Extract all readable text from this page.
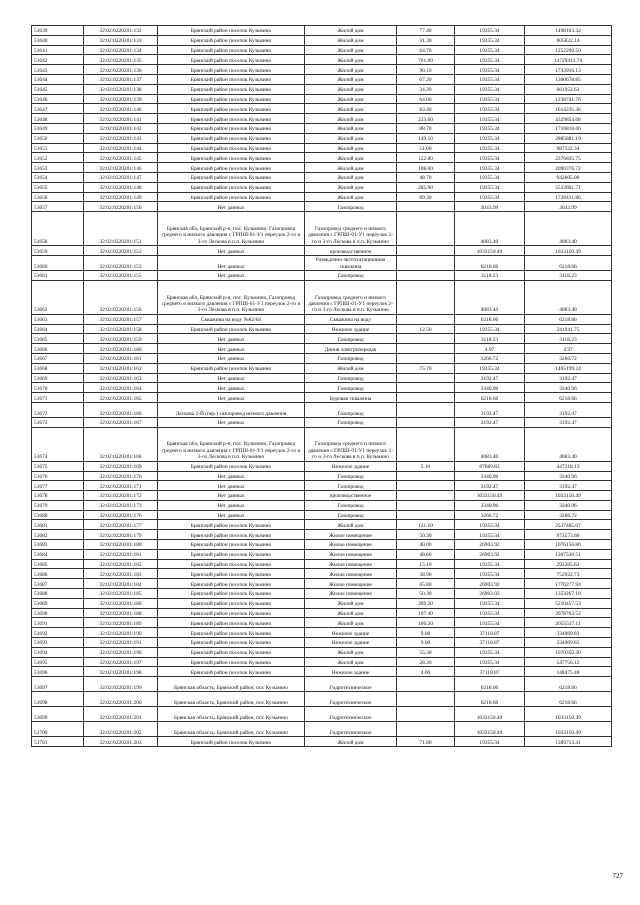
51639	32:02:0220201:132	Брянский район поселок Кузьмино	Жилой дом	77.40	19355.34	1498103.32
51640	32:02:0220201:133	Брянский район поселок Кузьмино	Жилой дом	31.30	19355.34	605822.14
51641	32:02:0220201:134	Брянский район поселок Кузьмино	Жилой дом	64.70	19355.34	1252290.50
51642	32:02:0220201:135	Брянский район поселок Кузьмино	Жилой дом	761.00	19355.34	14729413.74
51643	32:02:0220201:136	Брянский район поселок Кузьмино	Жилой дом	90.10	19355.34	1743916.13
51644	32:02:0220201:137	Брянский район поселок Кузьмино	Жилой дом	67.20	19355.34	1300678.85
51645	32:02:0220201:138	Брянский район поселок Кузьмино	Жилой дом	34.20	19355.34	661952.63
51646	32:02:0220201:139	Брянский район поселок Кузьмино	Жилой дом	64.00	19355.34	1238741.76
51647	32:02:0220201:140	Брянский район поселок Кузьмино	Жилой дом	83.40	19355.34	1614235.36
51648	32:02:0220201:141	Брянский район поселок Кузьмино	Жилой дом	223.60	19355.34	4329854.68
51649	32:02:0220201:142	Брянский район поселок Кузьмино	Жилой дом	88.70	19355.34	1716818.66
51650	32:02:0220201:143	Брянский район поселок Кузьмино	Жилой дом	149.10	19355.34	2885881.19
51651	32:02:0220201:144	Брянский район поселок Кузьмино	Жилой дом	51.00	19355.34	987122.34
51652	32:02:0220201:145	Брянский район поселок Кузьмино	Жилой дом	122.80	19355.34	2376835.75
51653	32:02:0220201:146	Брянский район поселок Кузьмино	Жилой дом	108.00	19355.34	2090376.72
51654	32:02:0220201:147	Брянский район поселок Кузьмино	Жилой дом	48.70	19355.34	942605.06
51655	32:02:0220201:148	Брянский район поселок Кузьмино	Жилой дом	285.90	19355.34	5533691.71
51656	32:02:0220201:149	Брянский район поселок Кузьмино	Жилой дом	89.30	19355.34	1728431.86
51657	32:02:0220201:150	Нет данных	Газопровод		3043.99	3043.99
51658	32:02:0220201:151	Брянская обл, Брянский р-н, пос. Кузьмино, Газопровод среднего и низкого давления с ГРПШ-01-У1 переулок 2-го и 3-го Лескова в п.п. Кузьмино	Газопровод среднего и низкого давления с ГРПШ-01-У1 переулок 2-го и 3-го Лескова в п.п. Кузьмино		4083.40	4083.40
51659	32:02:0220201:152	Нет данных	производственное		1033150.49	1033150.49
51660	32:02:0220201:153	Нет данных	Разведочно-эксплуатационная скважина		6218.66	6218.66
51661	32:02:0220201:155	Нет данных	Газопровод		3118.23	3118.23
51662	32:02:0220201:156	Брянская обл, Брянский р-н, пос. Кузьмино, Газопровод среднего и низкого давления с ГРПШ-01-У1 переулок 2-го и 3-го Лескова в п.п. Кузьмино	Газопровод среднего и низкого давления с ГРПШ-01-У1 переулок 2-го и 3-го Лескова в п.п. Кузьмино		4083.40	4083.40
51663	32:02:0220201:157	Скважина на воду №82/04	Скважина на воду		6218.66	6218.66
51664	32:02:0220201:158	Брянский район поселок Кузьмино	Нежилое здание	12.50	19355.34	241941.75
51665	32:02:0220201:159	Нет данных	Газопровод		3118.23	3118.23
51666	32:02:0220201:160	Нет данных	Линия электропередач		4.97	4.97
51667	32:02:0220201:161	Нет данных	Газопровод		3266.72	3266.72
51668	32:02:0220201:162	Брянский район поселок Кузьмино	Жилой дом	75.70	19355.34	1465199.24
51669	32:02:0220201:163	Нет данных	Газопровод		3192.47	3192.47
51670	32:02:0220201:164	Нет данных	Газопровод		3340.96	3340.96
51671	32:02:0220201:165	Нет данных	Буровая скважина		6218.66	6218.66
51672	32:02:0220201:166	Лескова 2-Й (пер.) газопровод низкого давления	Газопровод		3192.47	3192.47
51673	32:02:0220201:167	Нет данных	Газопровод		3192.47	3192.47
51674	32:02:0220201:168	Брянская обл, Брянский р-н, пос. Кузьмино, Газопровод среднего и низкого давления с ГРПШ-01-У1 переулок 2-го и 3-го Лескова в п.п. Кузьмино	Газопровод среднего и низкого давления с ГРПШ-01-У1 переулок 2-го и 3-го Лескова в п.п. Кузьмино		4083.40	4083.40
51675	32:02:0220201:169	Брянский район поселок Кузьмино	Нежилое здание	5.10	87689.83	447218.13
51676	32:02:0220201:170	Нет данных	Газопровод		3340.96	3340.96
51677	32:02:0220201:171	Нет данных	Газопровод		3192.47	3192.47
51678	32:02:0220201:172	Нет данных	производственное		1033150.49	1033150.49
51679	32:02:0220201:173	Нет данных	Газопровод		3340.96	3340.96
51680	32:02:0220201:176	Нет данных	Газопровод		3266.72	3266.72
51681	32:02:0220201:177	Брянский район поселок Кузьмино	Жилой дом	131.10	19355.34	2537485.07
51682	32:02:0220201:179	Брянский район поселок Кузьмино	Жилое помещение	50.30	19355.34	973573.60
51683	32:02:0220201:180	Брянский район поселок Кузьмино	Жилое помещение	40.00	26903.92	1076156.80
51684	32:02:0220201:181	Брянский район поселок Кузьмино	Жилое помещение	48.60	26903.92	1307530.51
51685	32:02:0220201:182	Брянский район поселок Кузьмино	Жилое помещение	15.10	19355.34	292265.63
51686	32:02:0220201:183	Брянский район поселок Кузьмино	Жилое помещение	38.90	19355.34	752922.73
51687	32:02:0220201:184	Брянский район поселок Кузьмино	Жилое помещение	65.80	26903.92	1770277.94
51688	32:02:0220201:185	Брянский район поселок Кузьмино	Жилое помещение	50.30	26903.92	1353267.18
51689	32:02:0220201:186	Брянский район поселок Кузьмино	Жилой дом	269.20	19355.34	5210457.53
51690	32:02:0220201:188	Брянский район поселок Кузьмино	Жилой дом	107.40	19355.34	2078763.52
51691	32:02:0220201:189	Брянский район поселок Кузьмино	Жилой дом	106.20	19355.34	2055537.11
51692	32:02:0220201:190	Брянский район поселок Кузьмино	Нежилое здание	9.00	37118.87	334069.83
51693	32:02:0220201:191	Брянский район поселок Кузьмино	Нежилое здание	9.00	37118.87	334069.83
51694	32:02:0220201:196	Брянский район поселок Кузьмино	Жилой дом	55.30	19355.34	1070350.30
51695	32:02:0220201:197	Брянский район поселок Кузьмино	Жилой дом	28.30	19355.34	547756.12
51696	32:02:0220201:198	Брянский район поселок Кузьмино	Нежилое здание	4.00	37118.87	148475.48
51697	32:02:0220201:199	Брянская область, Брянский район, пос Кузьмино	Гидротехническое		6218.66	6218.66
51698	32:02:0220201:200	Брянская область, Брянский район, пос Кузьмино	Гидротехническое		6218.66	6218.66
51699	32:02:0220201:201	Брянская область, Брянский район, пос Кузьмино	Гидротехническое		1033150.49	1033150.49
51700	32:02:0220201:202	Брянская область, Брянский район, пос Кузьмино	Гидротехническое		1033150.49	1033150.49
51701	32:02:0220201:203	Брянский район поселок Кузьмино	Жилой дом	71.80	19355.34	1389713.41
727
